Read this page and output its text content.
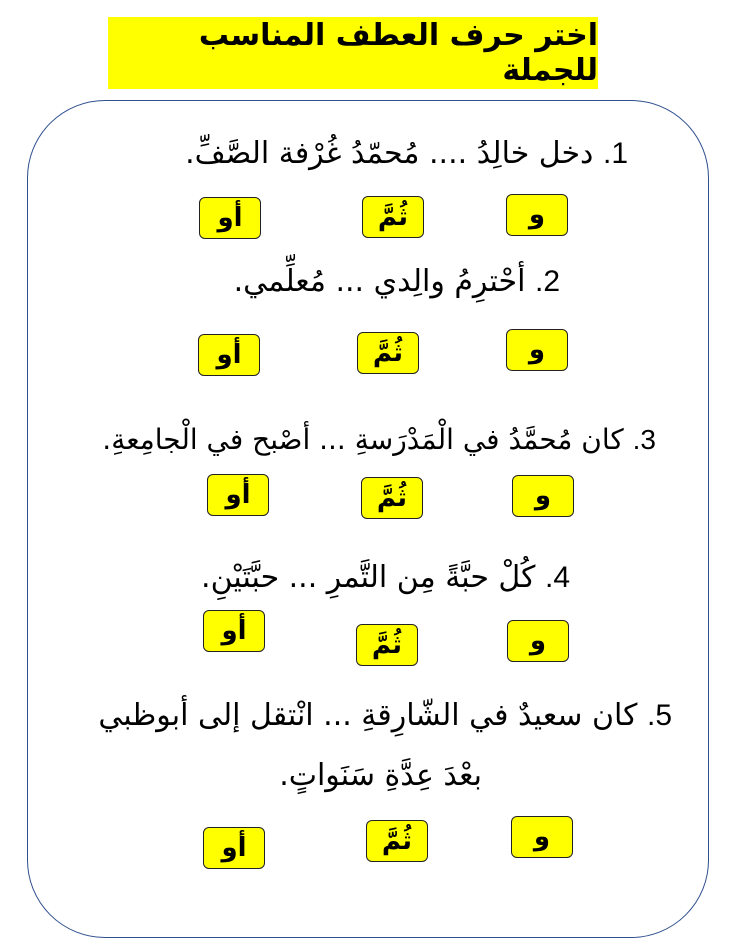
اختر حرف العطف المناسب للجملة
1. دخل خالِدُ .... مُحمّدُ غُرْفة الصَّفِّ.
و
ثُمَّ
أو
2. أحْترِمُ والِدي ... مُعلِّمي.
و
ثُمَّ
أو
3. كان مُحمَّدُ في الْمَدْرَسةِ ... أصْبح في الْجامِعةِ.
و
ثُمَّ
أو
4. كُلْ حبَّةً مِن التَّمرِ ... حبَّتَيْنِ.
و
ثُمَّ
أو
5. كان سعيدٌ في الشّارِقةِ ... انْتقل إلى أبوظبي
بعْدَ عِدَّةِ سَنَواتٍ.
و
ثُمَّ
أو
